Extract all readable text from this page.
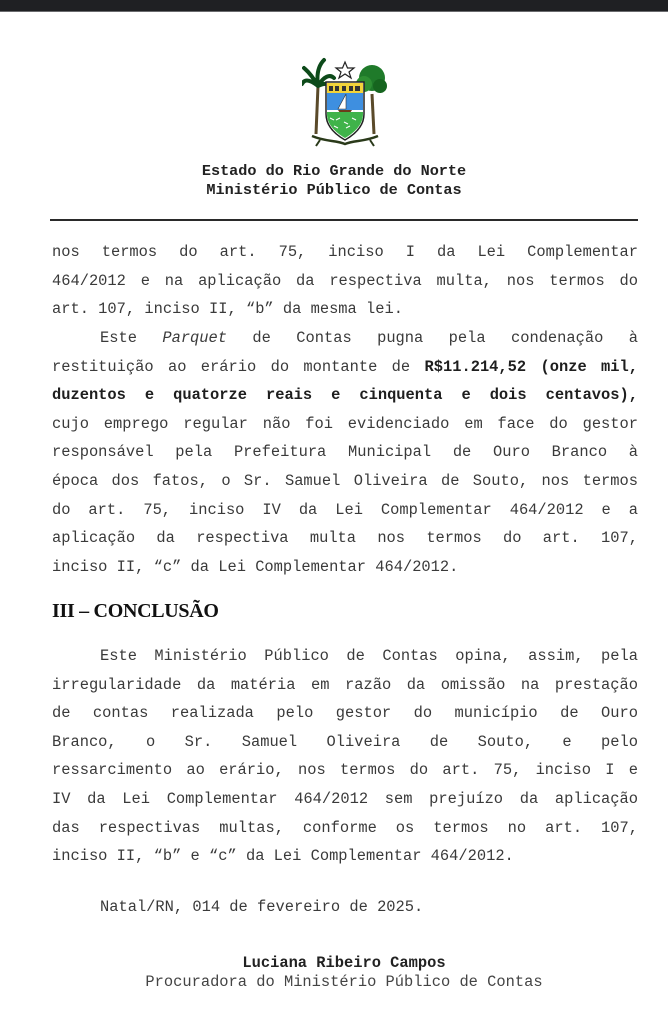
Estado do Rio Grande do Norte
Ministério Público de Contas
nos termos do art. 75, inciso I da Lei Complementar
464/2012 e na aplicação da respectiva multa, nos termos do
art. 107, inciso II, “b” da mesma lei.
Este Parquet de Contas pugna pela condenação à
restituição ao erário do montante de R$11.214,52 (onze mil,
duzentos e quatorze reais e cinquenta e dois centavos),
cujo emprego regular não foi evidenciado em face do gestor
responsável pela Prefeitura Municipal de Ouro Branco à
época dos fatos, o Sr. Samuel Oliveira de Souto, nos termos
do art. 75, inciso IV da Lei Complementar 464/2012 e a
aplicação da respectiva multa nos termos do art. 107,
inciso II, “c” da Lei Complementar 464/2012.
III – CONCLUSÃO
Este Ministério Público de Contas opina, assim, pela
irregularidade da matéria em razão da omissão na prestação
de contas realizada pelo gestor do município de Ouro
Branco, o Sr. Samuel Oliveira de Souto, e pelo
ressarcimento ao erário, nos termos do art. 75, inciso I e
IV da Lei Complementar 464/2012 sem prejuízo da aplicação
das respectivas multas, conforme os termos no art. 107,
inciso II, “b” e “c” da Lei Complementar 464/2012.
Natal/RN, 014 de fevereiro de 2025.
Luciana Ribeiro Campos
Procuradora do Ministério Público de Contas
